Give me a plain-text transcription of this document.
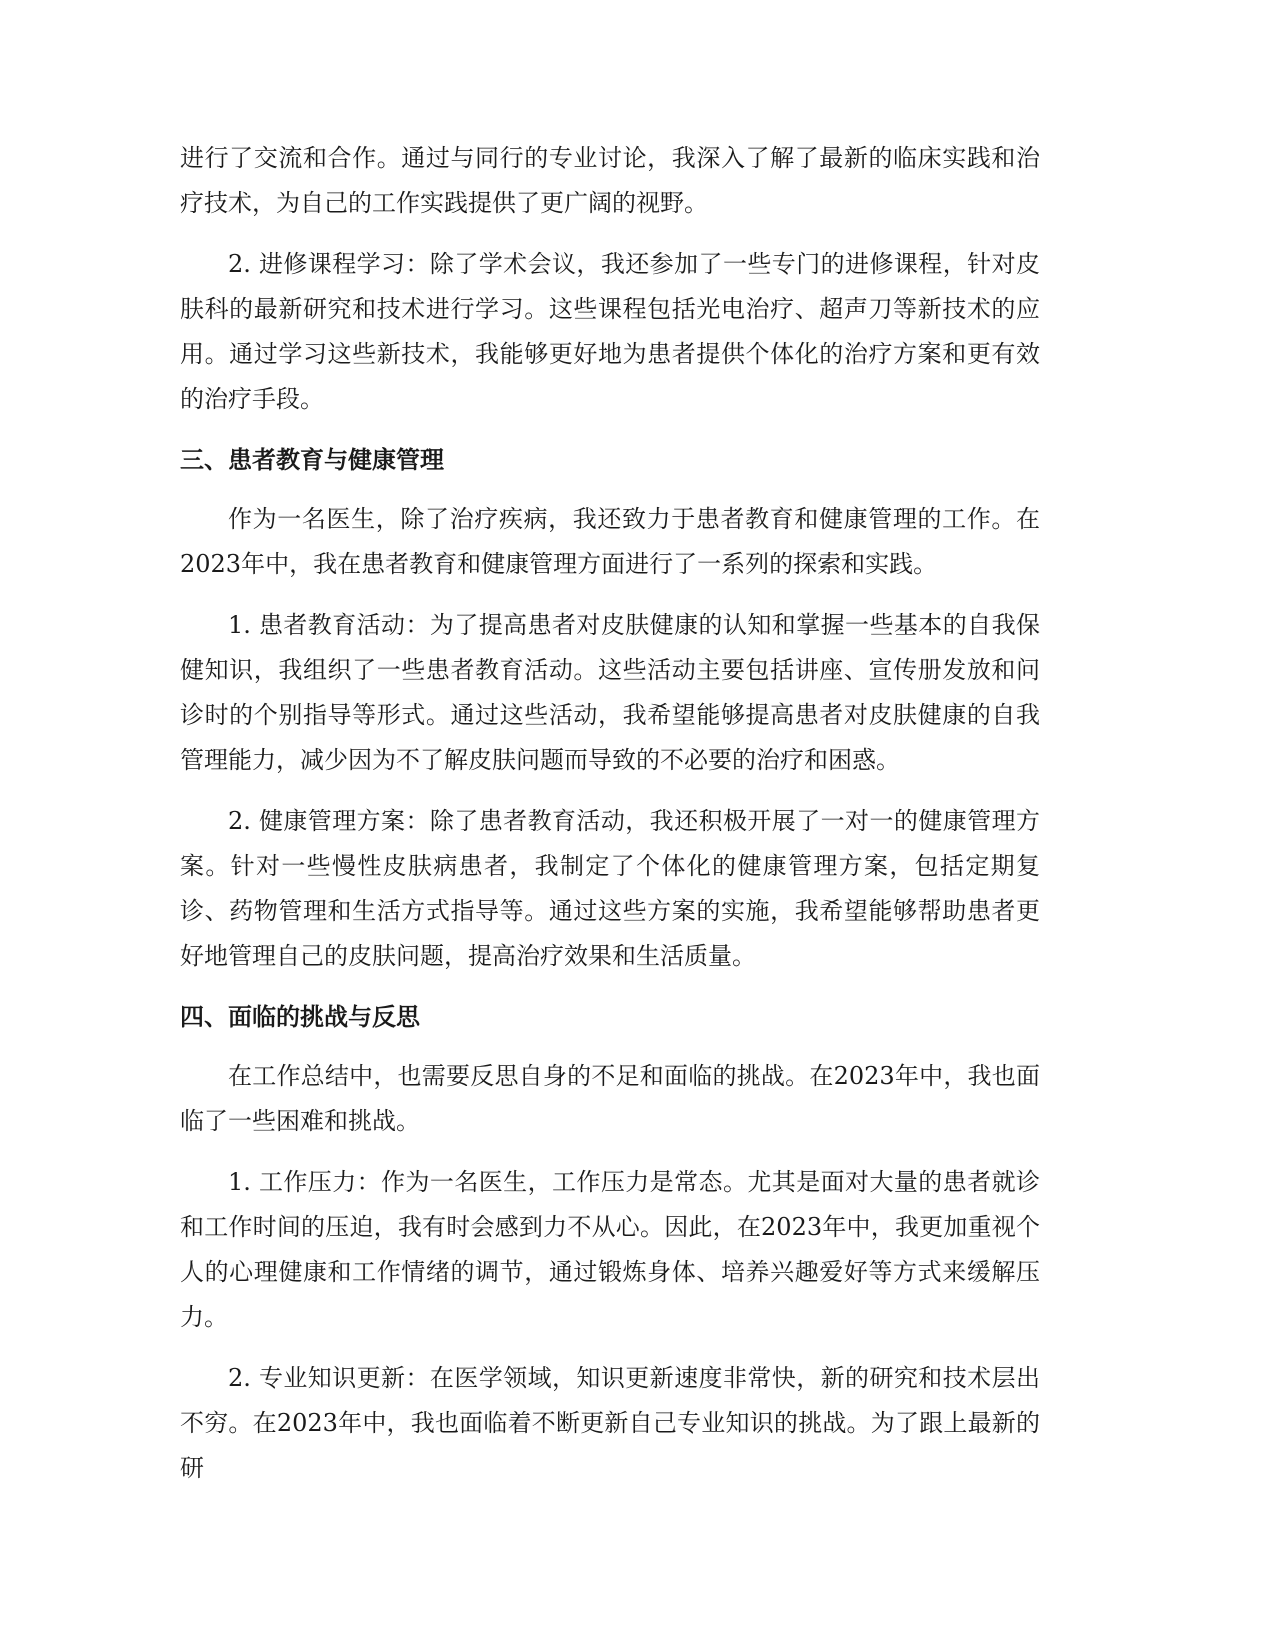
进行了交流和合作。通过与同行的专业讨论，我深入了解了最新的临床实践和治疗技术，为自己的工作实践提供了更广阔的视野。

2. 进修课程学习：除了学术会议，我还参加了一些专门的进修课程，针对皮肤科的最新研究和技术进行学习。这些课程包括光电治疗、超声刀等新技术的应用。通过学习这些新技术，我能够更好地为患者提供个体化的治疗方案和更有效的治疗手段。

三、患者教育与健康管理

作为一名医生，除了治疗疾病，我还致力于患者教育和健康管理的工作。在2023年中，我在患者教育和健康管理方面进行了一系列的探索和实践。

1. 患者教育活动：为了提高患者对皮肤健康的认知和掌握一些基本的自我保健知识，我组织了一些患者教育活动。这些活动主要包括讲座、宣传册发放和问诊时的个别指导等形式。通过这些活动，我希望能够提高患者对皮肤健康的自我管理能力，减少因为不了解皮肤问题而导致的不必要的治疗和困惑。

2. 健康管理方案：除了患者教育活动，我还积极开展了一对一的健康管理方案。针对一些慢性皮肤病患者，我制定了个体化的健康管理方案，包括定期复诊、药物管理和生活方式指导等。通过这些方案的实施，我希望能够帮助患者更好地管理自己的皮肤问题，提高治疗效果和生活质量。

四、面临的挑战与反思

在工作总结中，也需要反思自身的不足和面临的挑战。在2023年中，我也面临了一些困难和挑战。

1. 工作压力：作为一名医生，工作压力是常态。尤其是面对大量的患者就诊和工作时间的压迫，我有时会感到力不从心。因此，在2023年中，我更加重视个人的心理健康和工作情绪的调节，通过锻炼身体、培养兴趣爱好等方式来缓解压力。

2. 专业知识更新：在医学领域，知识更新速度非常快，新的研究和技术层出不穷。在2023年中，我也面临着不断更新自己专业知识的挑战。为了跟上最新的研
